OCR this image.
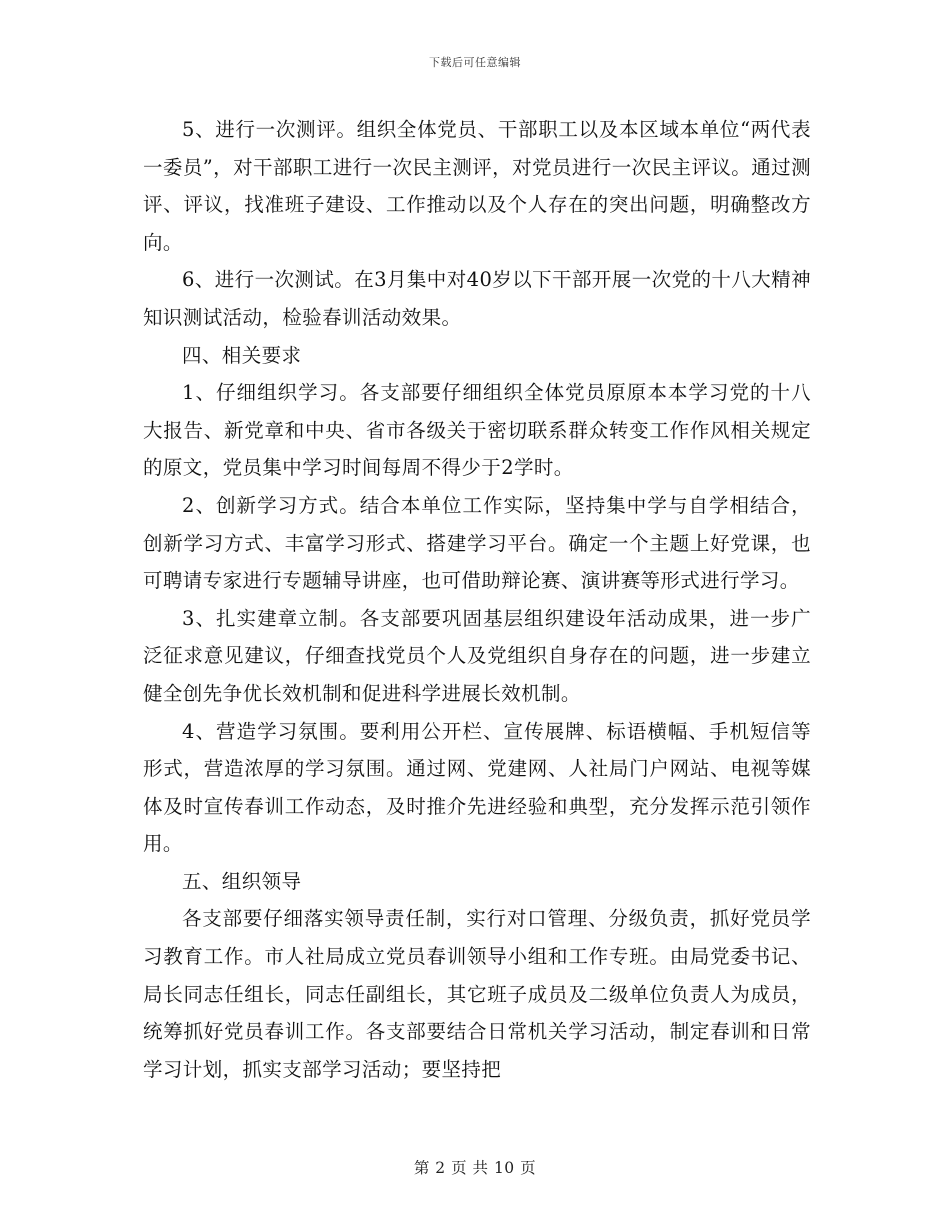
下载后可任意编辑

5、进行一次测评。组织全体党员、干部职工以及本区域本单位“两代表一委员”，对干部职工进行一次民主测评，对党员进行一次民主评议。通过测评、评议，找准班子建设、工作推动以及个人存在的突出问题，明确整改方向。

6、进行一次测试。在3月集中对40岁以下干部开展一次党的十八大精神知识测试活动，检验春训活动效果。

四、相关要求

1、仔细组织学习。各支部要仔细组织全体党员原原本本学习党的十八大报告、新党章和中央、省市各级关于密切联系群众转变工作作风相关规定的原文，党员集中学习时间每周不得少于2学时。

2、创新学习方式。结合本单位工作实际，坚持集中学与自学相结合，创新学习方式、丰富学习形式、搭建学习平台。确定一个主题上好党课，也可聘请专家进行专题辅导讲座，也可借助辩论赛、演讲赛等形式进行学习。

3、扎实建章立制。各支部要巩固基层组织建设年活动成果，进一步广泛征求意见建议，仔细查找党员个人及党组织自身存在的问题，进一步建立健全创先争优长效机制和促进科学进展长效机制。

4、营造学习氛围。要利用公开栏、宣传展牌、标语横幅、手机短信等形式，营造浓厚的学习氛围。通过网、党建网、人社局门户网站、电视等媒体及时宣传春训工作动态，及时推介先进经验和典型，充分发挥示范引领作用。

五、组织领导

各支部要仔细落实领导责任制，实行对口管理、分级负责，抓好党员学习教育工作。市人社局成立党员春训领导小组和工作专班。由局党委书记、局长同志任组长，同志任副组长，其它班子成员及二级单位负责人为成员，统筹抓好党员春训工作。各支部要结合日常机关学习活动，制定春训和日常学习计划，抓实支部学习活动；要坚持把

第 2 页 共 10 页
